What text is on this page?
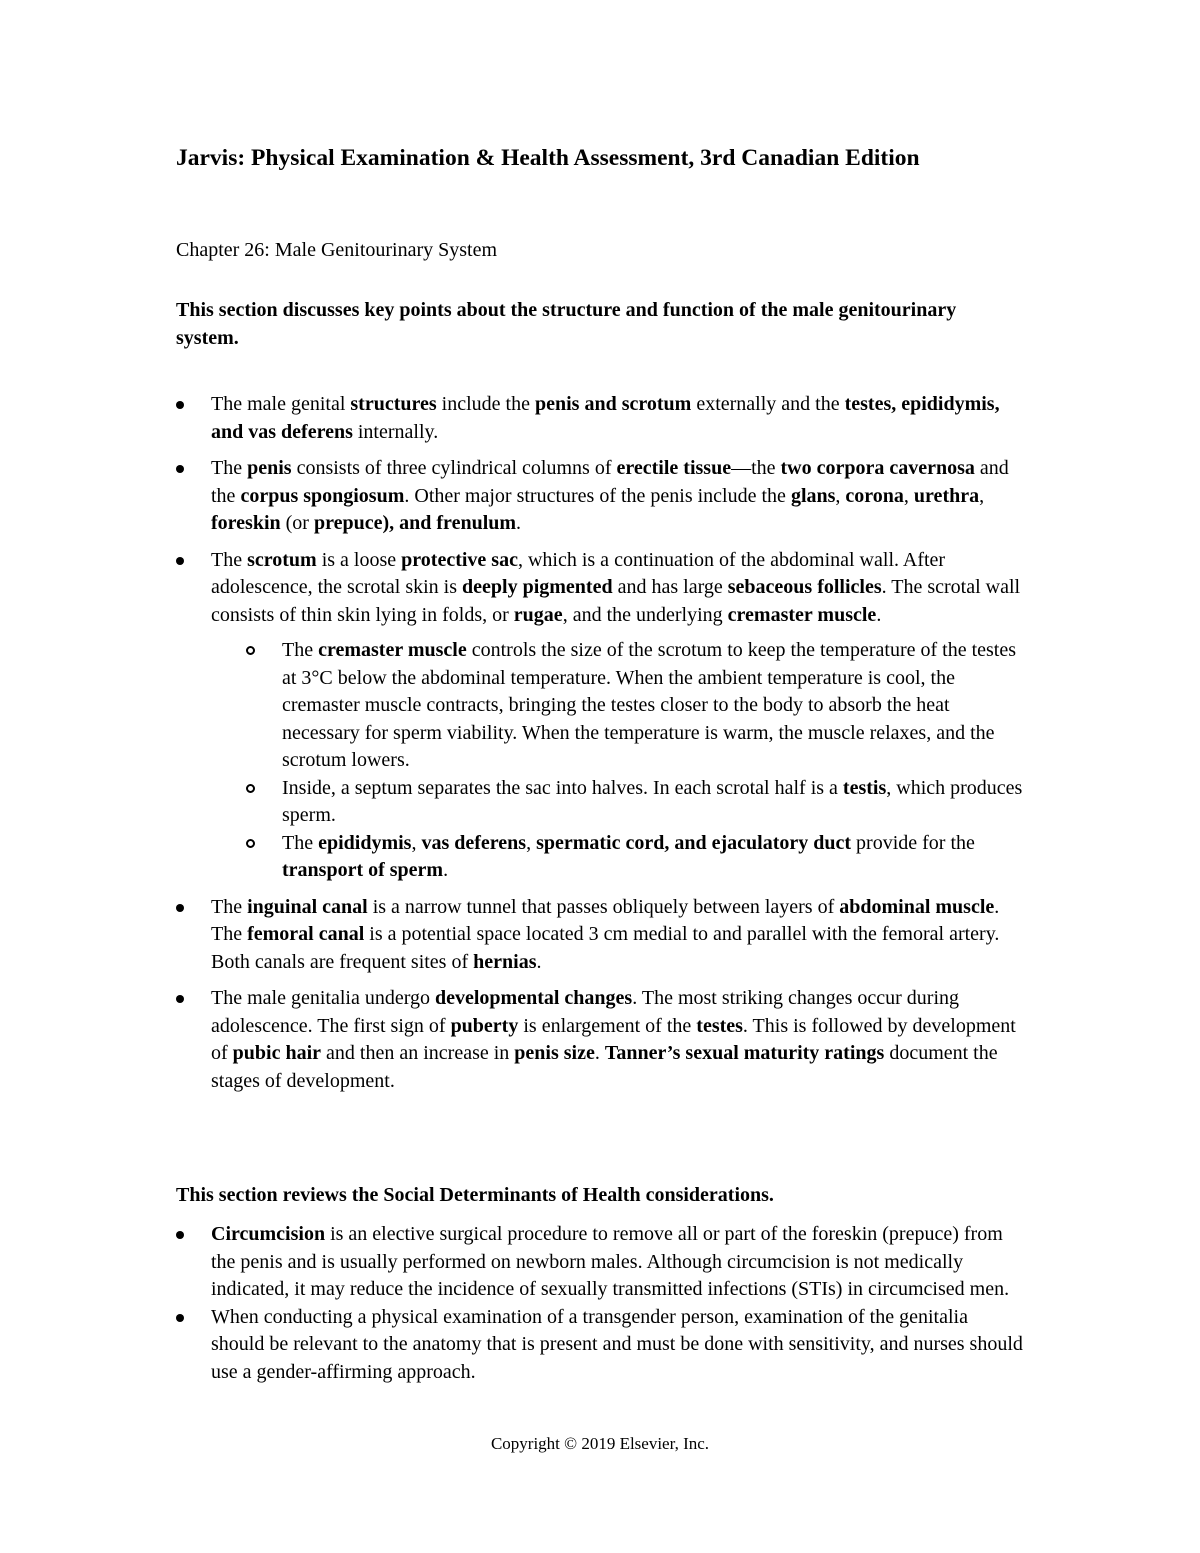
Jarvis: Physical Examination & Health Assessment, 3rd Canadian Edition

Chapter 26: Male Genitourinary System

This section discusses key points about the structure and function of the male genitourinary system.

The male genital structures include the penis and scrotum externally and the testes, epididymis, and vas deferens internally.
The penis consists of three cylindrical columns of erectile tissue—the two corpora cavernosa and the corpus spongiosum. Other major structures of the penis include the glans, corona, urethra, foreskin (or prepuce), and frenulum.
The scrotum is a loose protective sac, which is a continuation of the abdominal wall. After adolescence, the scrotal skin is deeply pigmented and has large sebaceous follicles. The scrotal wall consists of thin skin lying in folds, or rugae, and the underlying cremaster muscle.
The cremaster muscle controls the size of the scrotum to keep the temperature of the testes at 3°C below the abdominal temperature. When the ambient temperature is cool, the cremaster muscle contracts, bringing the testes closer to the body to absorb the heat necessary for sperm viability. When the temperature is warm, the muscle relaxes, and the scrotum lowers.
Inside, a septum separates the sac into halves. In each scrotal half is a testis, which produces sperm.
The epididymis, vas deferens, spermatic cord, and ejaculatory duct provide for the transport of sperm.
The inguinal canal is a narrow tunnel that passes obliquely between layers of abdominal muscle. The femoral canal is a potential space located 3 cm medial to and parallel with the femoral artery. Both canals are frequent sites of hernias.
The male genitalia undergo developmental changes. The most striking changes occur during adolescence. The first sign of puberty is enlargement of the testes. This is followed by development of pubic hair and then an increase in penis size. Tanner’s sexual maturity ratings document the stages of development.

This section reviews the Social Determinants of Health considerations.

Circumcision is an elective surgical procedure to remove all or part of the foreskin (prepuce) from the penis and is usually performed on newborn males. Although circumcision is not medically indicated, it may reduce the incidence of sexually transmitted infections (STIs) in circumcised men.
When conducting a physical examination of a transgender person, examination of the genitalia should be relevant to the anatomy that is present and must be done with sensitivity, and nurses should use a gender-affirming approach.
Copyright © 2019 Elsevier, Inc.
